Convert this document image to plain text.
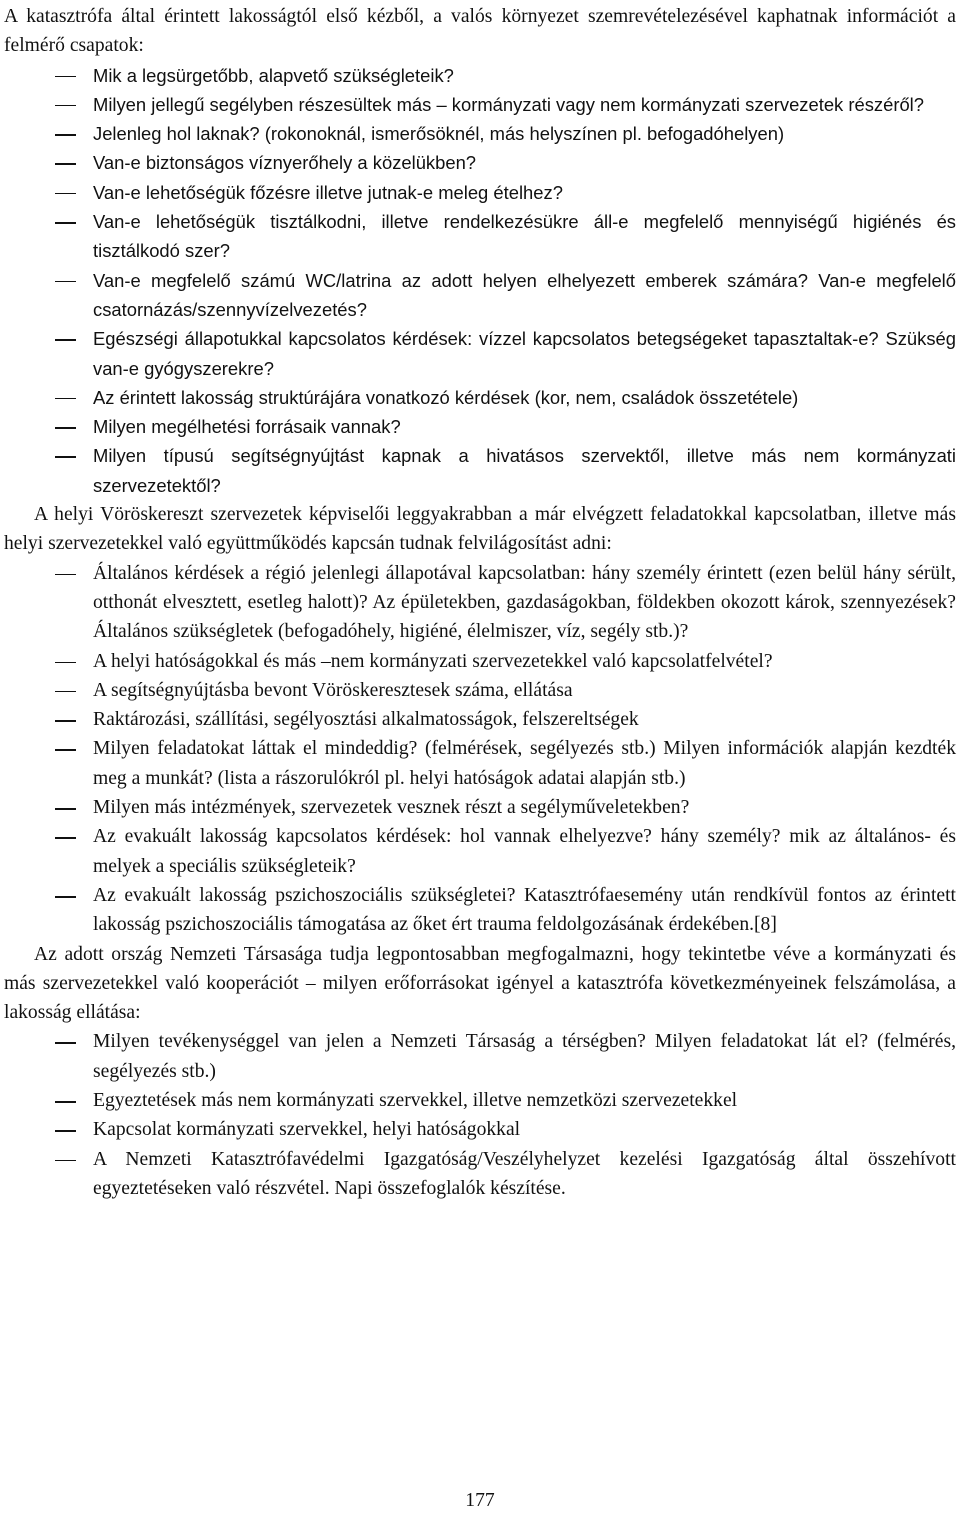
A katasztrófa által érintett lakosságtól első kézből, a valós környezet szemrevételezésével kaphatnak információt a felmérő csapatok:

Mik a legsürgetőbb, alapvető szükségleteik?
Milyen jellegű segélyben részesültek más – kormányzati vagy nem kormányzati szervezetek részéről?
Jelenleg hol laknak? (rokonoknál, ismerősöknél, más helyszínen pl. befogadóhelyen)
Van-e biztonságos víznyerőhely a közelükben?
Van-e lehetőségük főzésre illetve jutnak-e meleg ételhez?
Van-e lehetőségük tisztálkodni, illetve rendelkezésükre áll-e megfelelő mennyiségű higiénés és tisztálkodó szer?
Van-e megfelelő számú WC/latrina az adott helyen elhelyezett emberek számára? Van-e megfelelő csatornázás/szennyvízelvezetés?
Egészségi állapotukkal kapcsolatos kérdések: vízzel kapcsolatos betegségeket tapasztaltak-e? Szükség van-e gyógyszerekre?
Az érintett lakosság struktúrájára vonatkozó kérdések (kor, nem, családok összetétele)
Milyen megélhetési forrásaik vannak?
Milyen típusú segítségnyújtást kapnak a hivatásos szervektől, illetve más nem kormányzati szervezetektől?

A helyi Vöröskereszt szervezetek képviselői leggyakrabban a már elvégzett feladatokkal kapcsolatban, illetve más helyi szervezetekkel való együttműködés kapcsán tudnak felvilágosítást adni:

Általános kérdések a régió jelenlegi állapotával kapcsolatban: hány személy érintett (ezen belül hány sérült, otthonát elvesztett, esetleg halott)? Az épületekben, gazdaságokban, földekben okozott károk, szennyezések? Általános szükségletek (befogadóhely, higiéné, élelmiszer, víz, segély stb.)?
A helyi hatóságokkal és más –nem kormányzati szervezetekkel való kapcsolatfelvétel?
A segítségnyújtásba bevont Vöröskeresztesek száma, ellátása
Raktározási, szállítási, segélyosztási alkalmatosságok, felszereltségek
Milyen feladatokat láttak el mindeddig? (felmérések, segélyezés stb.) Milyen információk alapján kezdték meg a munkát? (lista a rászorulókról pl. helyi hatóságok adatai alapján stb.)
Milyen más intézmények, szervezetek vesznek részt a segélyműveletekben?
Az evakuált lakosság kapcsolatos kérdések: hol vannak elhelyezve? hány személy? mik az általános- és melyek a speciális szükségleteik?
Az evakuált lakosság pszichoszociális szükségletei? Katasztrófaesemény után rendkívül fontos az érintett lakosság pszichoszociális támogatása az őket ért trauma feldolgozásának érdekében.[8]

Az adott ország Nemzeti Társasága tudja legpontosabban megfogalmazni, hogy tekintetbe véve a kormányzati és más szervezetekkel való kooperációt – milyen erőforrásokat igényel a katasztrófa következményeinek felszámolása, a lakosság ellátása:

Milyen tevékenységgel van jelen a Nemzeti Társaság a térségben? Milyen feladatokat lát el? (felmérés, segélyezés stb.)
Egyeztetések más nem kormányzati szervekkel, illetve nemzetközi szervezetekkel
Kapcsolat kormányzati szervekkel, helyi hatóságokkal
A Nemzeti Katasztrófavédelmi Igazgatóság/Veszélyhelyzet kezelési Igazgatóság által összehívott egyeztetéseken való részvétel. Napi összefoglalók készítése.
177
